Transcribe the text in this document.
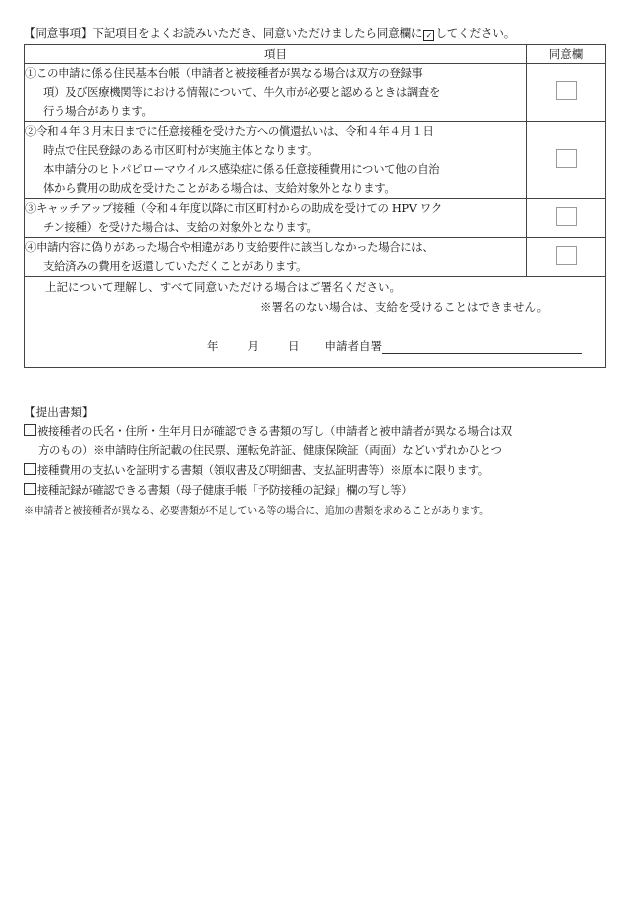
【同意事項】下記項目をよくお読みいただき、同意いただけましたら同意欄に ✓ してください。
項目	同意欄

①この申請に係る住民基本台帳（申請者と被接種者が異なる場合は双方の登録事
項）及び医療機関等における情報について、牛久市が必要と認めるときは調査を
行う場合があります。	

②令和４年３月末日までに任意接種を受けた方への償還払いは、令和４年４月１日
時点で住民登録のある市区町村が実施主体となります。
本申請分のヒトパピローマウイルス感染症に係る任意接種費用について他の自治
体から費用の助成を受けたことがある場合は、支給対象外となります。	

③キャッチアップ接種（令和４年度以降に市区町村からの助成を受けての HPV ワク
チン接種）を受けた場合は、支給の対象外となります。	

④申請内容に偽りがあった場合や相違があり支給要件に該当しなかった場合には、
支給済みの費用を返還していただくことがあります。	

上記について理解し、すべて同意いただける場合はご署名ください。
※署名のない場合は、支給を受けることはできません。
年 月 日 申請者自署	
【提出書類】
被接種者の氏名・住所・生年月日が確認できる書類の写し（申請者と被申請者が異なる場合は双
方のもの）※申請時住所記載の住民票、運転免許証、健康保険証（両面）などいずれかひとつ
接種費用の支払いを証明する書類（領収書及び明細書、支払証明書等）※原本に限ります。
接種記録が確認できる書類（母子健康手帳「予防接種の記録」欄の写し等）
※申請者と被接種者が異なる、必要書類が不足している等の場合に、追加の書類を求めることがあります。
